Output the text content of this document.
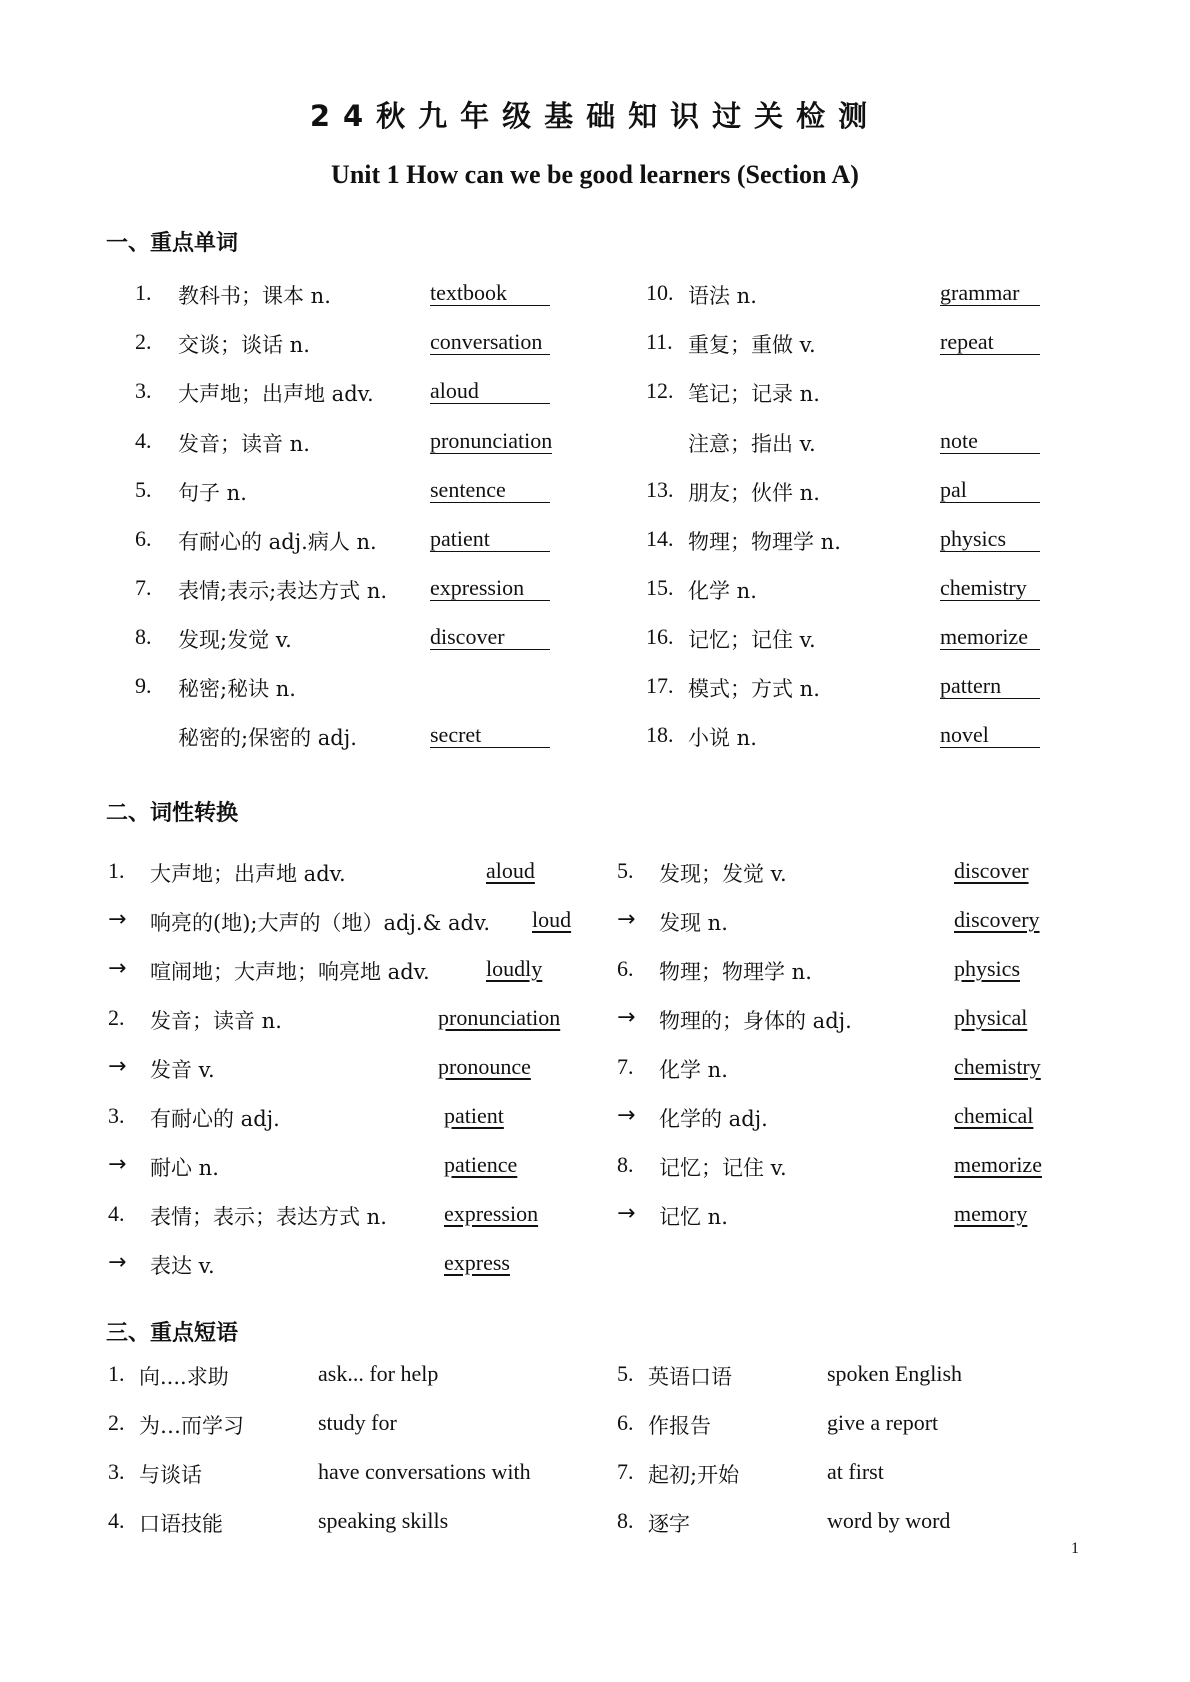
24秋九年级基础知识过关检测
Unit 1 How can we be good learners (Section A)
一、重点单词
1. 教科书；课本 n.	textbook
2. 交谈；谈话 n.	conversation
3. 大声地；出声地 adv.	aloud
4. 发音；读音 n.	pronunciation
5. 句子 n.	sentence
6. 有耐心的 adj.病人 n. patient
7. 表情;表示;表达方式 n. expression
8. 发现;发觉 v.	discover
9. 秘密;秘诀 n.
秘密的;保密的 adj.	secret
10. 语法 n.	grammar
11. 重复；重做 v.	repeat
12. 笔记；记录 n.
注意；指出 v.	note
13. 朋友；伙伴 n.	pal
14. 物理；物理学 n.	physics
15. 化学 n.	chemistry
16. 记忆；记住 v.	memorize
17. 模式；方式 n.	pattern
18. 小说 n.	novel
二、词性转换
1. 大声地；出声地 adv.	aloud
→ 响亮的(地);大声的（地）adj.& adv. loud
→ 喧闹地；大声地；响亮地 adv.	loudly
2. 发音；读音 n.	pronunciation
→ 发音 v.	pronounce
3. 有耐心的 adj.	patient
→ 耐心 n.	patience
4. 表情；表示；表达方式 n.	expression
→ 表达 v.	express
5. 发现；发觉 v.	discover
→ 发现 n.	discovery
6. 物理；物理学 n.	physics
→ 物理的；身体的 adj.	physical
7. 化学 n.	chemistry
→ 化学的 adj.	chemical
8. 记忆；记住 v.	memorize
→ 记忆 n.	memory
三、重点短语
1. 向....求助	ask... for help
2. 为…而学习	study for
3. 与谈话	have conversations with
4. 口语技能	speaking skills
5. 英语口语	spoken English
6. 作报告	give a report
7. 起初;开始	at first
8. 逐字	word by word
1
